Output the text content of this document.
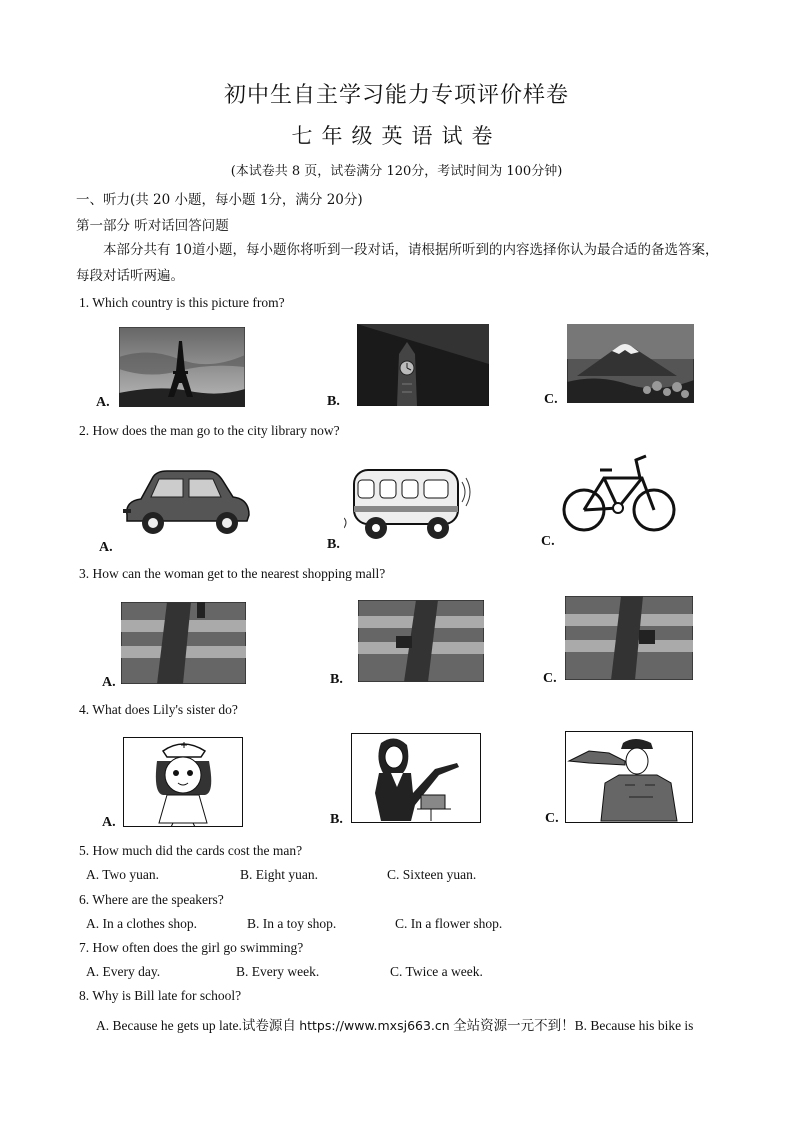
初中生自主学习能力专项评价样卷
七年级英语试卷
(本试卷共 8 页，试卷满分 120分，考试时间为 100分钟)
一、听力(共 20 小题，每小题 1分，满分 20分)
第一部分 听对话回答问题
本部分共有 10道小题，每小题你将听到一段对话，请根据所听到的内容选择你认为最合适的备选答案，每段对话听两遍。
1. Which country is this picture from?
A.	B.	C.
2. How does the man go to the city library now?
A.	B.	C.
3. How can the woman get to the nearest shopping mall?
A.	B.	C.
4. What does Lily's sister do?
A.	B.	C.
5. How much did the cards cost the man?
A. Two yuan.	B. Eight yuan.	C. Sixteen yuan.
6. Where are the speakers?
A. In a clothes shop.	B. In a toy shop.	C. In a flower shop.
7. How often does the girl go swimming?
A. Every day.	B. Every week.	C. Twice a week.
8. Why is Bill late for school?
A. Because he gets up late.试卷源自 https://www.mxsj663.cn 全站资源一元不到！B. Because his bike is
